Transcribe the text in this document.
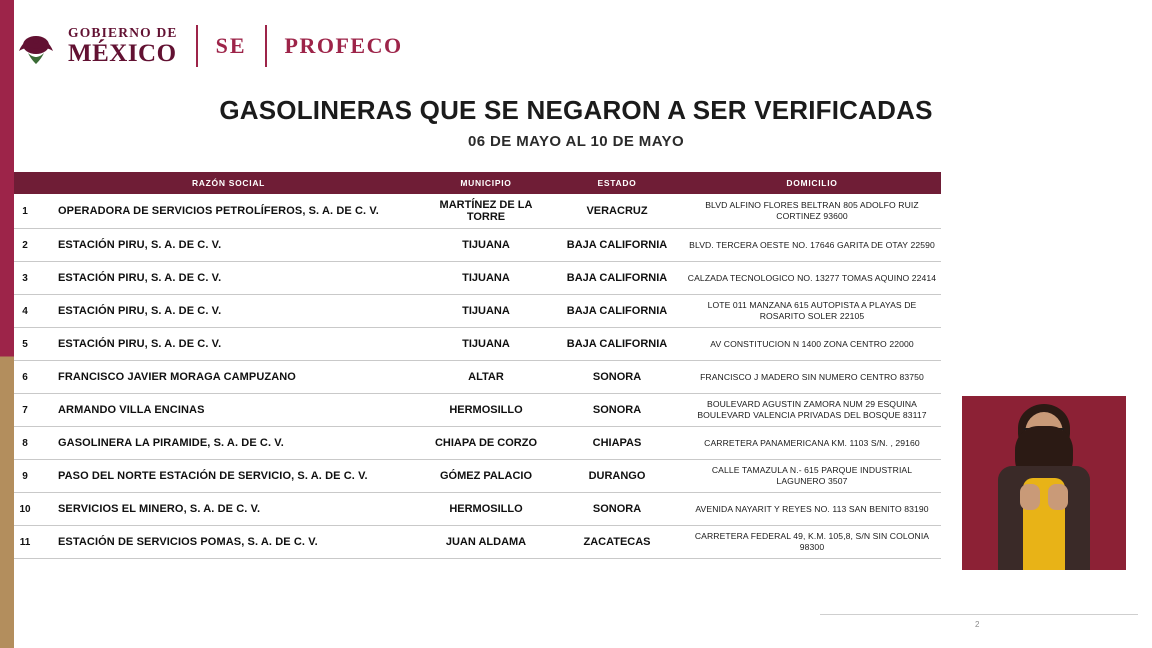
GOBIERNO DE
MÉXICO SE PROFECO
GASOLINERAS QUE SE NEGARON A SER VERIFICADAS
06 DE MAYO AL 10 DE MAYO
	RAZÓN SOCIAL	MUNICIPIO	ESTADO	DOMICILIO
1	OPERADORA DE SERVICIOS PETROLÍFEROS, S. A. DE C. V.	MARTÍNEZ DE LA TORRE	VERACRUZ	BLVD ALFINO FLORES BELTRAN 805 ADOLFO RUIZ CORTINEZ 93600
2	ESTACIÓN PIRU, S. A. DE C. V.	TIJUANA	BAJA CALIFORNIA	BLVD. TERCERA OESTE NO. 17646 GARITA DE OTAY 22590
3	ESTACIÓN PIRU, S. A. DE C. V.	TIJUANA	BAJA CALIFORNIA	CALZADA TECNOLOGICO NO. 13277 TOMAS AQUINO 22414
4	ESTACIÓN PIRU, S. A. DE C. V.	TIJUANA	BAJA CALIFORNIA	LOTE 011 MANZANA 615 AUTOPISTA A PLAYAS DE ROSARITO SOLER 22105
5	ESTACIÓN PIRU, S. A. DE C. V.	TIJUANA	BAJA CALIFORNIA	AV CONSTITUCION N 1400 ZONA CENTRO 22000
6	FRANCISCO JAVIER MORAGA CAMPUZANO	ALTAR	SONORA	FRANCISCO J MADERO SIN NUMERO CENTRO 83750
7	ARMANDO VILLA ENCINAS	HERMOSILLO	SONORA	BOULEVARD AGUSTIN ZAMORA NUM 29 ESQUINA BOULEVARD VALENCIA PRIVADAS DEL BOSQUE 83117
8	GASOLINERA LA PIRAMIDE, S. A. DE C. V.	CHIAPA DE CORZO	CHIAPAS	CARRETERA PANAMERICANA KM. 1103 S/N. , 29160
9	PASO DEL NORTE ESTACIÓN DE SERVICIO, S. A. DE C. V.	GÓMEZ PALACIO	DURANGO	CALLE TAMAZULA N.- 615 PARQUE INDUSTRIAL LAGUNERO 3507
10	SERVICIOS EL MINERO, S. A. DE C. V.	HERMOSILLO	SONORA	AVENIDA NAYARIT Y REYES NO. 113 SAN BENITO 83190
11	ESTACIÓN DE SERVICIOS POMAS, S. A. DE C. V.	JUAN ALDAMA	ZACATECAS	CARRETERA FEDERAL 49, K.M. 105,8, S/N SIN COLONIA 98300
2
